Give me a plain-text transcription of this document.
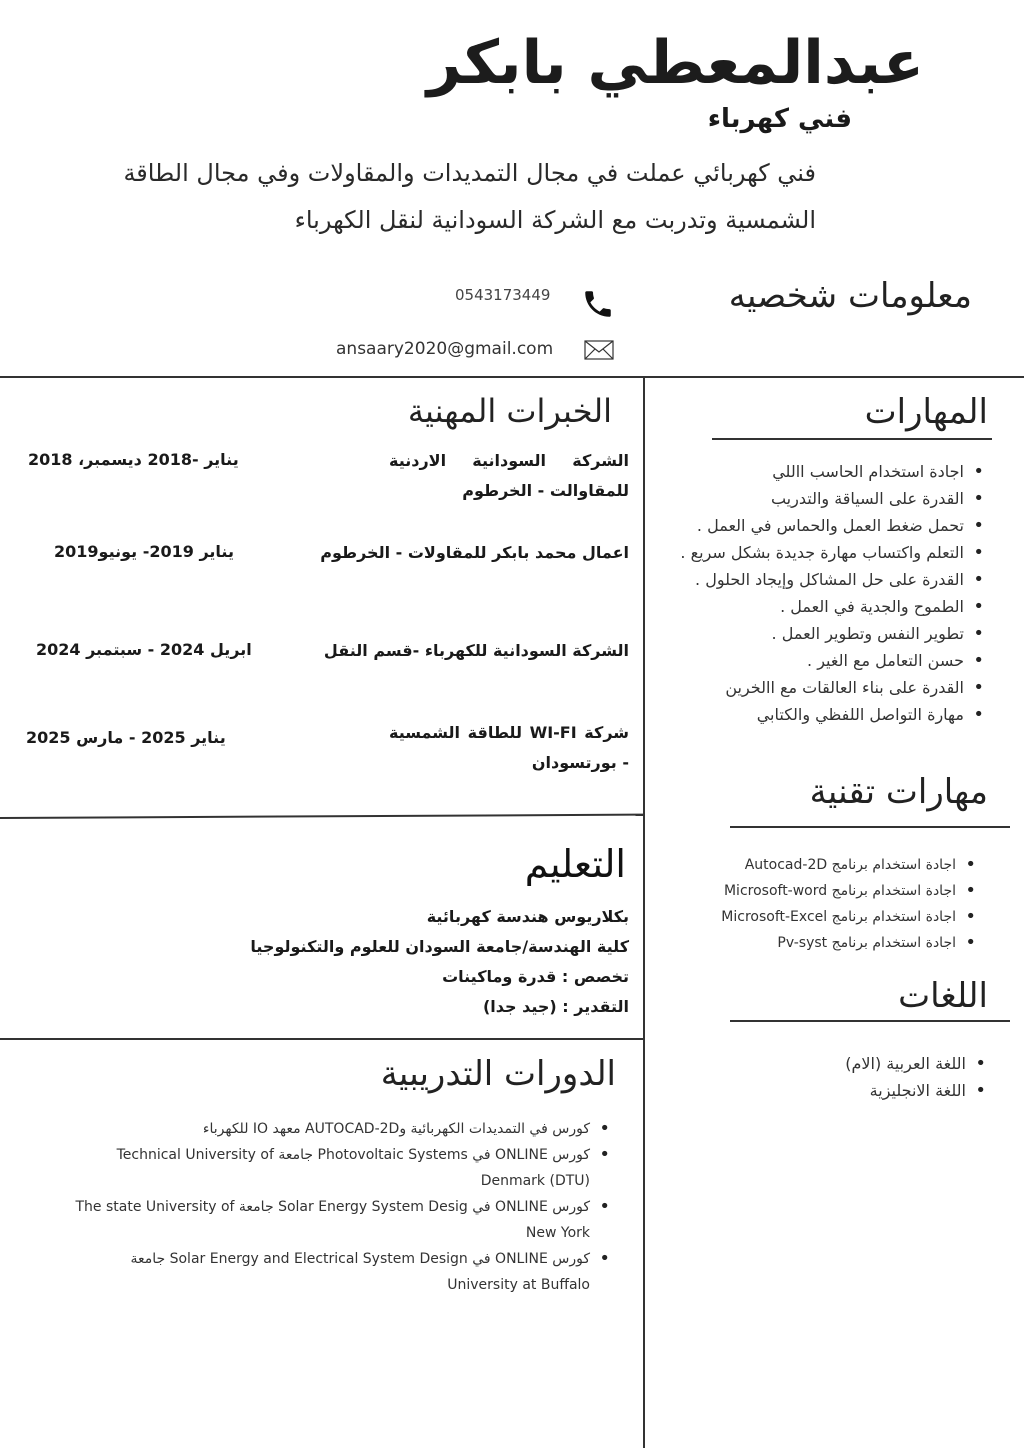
عبدالمعطي بابكر
فني كهرباء
فني كهربائي عملت في مجال التمديدات والمقاولات وفي مجال الطاقة الشمسية وتدربت مع الشركة السودانية لنقل الكهرباء
معلومات شخصيه
0543173449
ansaary2020@gmail.com
المهارات
• اجادة استخدام الحاسب االلي
• القدرة على السياقة والتدريب
• تحمل ضغط العمل والحماس في العمل .
• التعلم واكتساب مهارة جديدة بشكل سريع .
• القدرة على حل المشاكل وإيجاد الحلول .
• الطموح والجدية في العمل .
• تطوير النفس وتطوير العمل .
• حسن التعامل مع الغير .
• القدرة على بناء العالقات مع االخرين
• مهارة التواصل اللفظي والكتابي
مهارات تقنية
• اجادة استخدام برنامج Autocad-2D
• اجادة استخدام برنامج Microsoft-word
• اجادة استخدام برنامج Microsoft-Excel
• اجادة استخدام برنامج Pv-syst
اللغات
• اللغة العربية (الام)
• اللغة الانجليزية
الخبرات المهنية
الشركة السودانية الاردنية للمقاوالت - الخرطوم
يناير -2018 ديسمبر، 2018
اعمال محمد بابكر للمقاولات - الخرطوم
يناير 2019- يونيو2019
الشركة السودانية للكهرباء -قسم النقل
ابريل 2024 - سبتمبر 2024
شركة WI-FI للطاقة الشمسية - بورتسودان
يناير 2025 - مارس 2025
التعليم
بكلاريوس هندسة كهربائية
كلية الهندسة/جامعة السودان للعلوم والتكنولوجيا
تخصص : قدرة وماكينات
التقدير : (جيد جدا)
الدورات التدريبية
• كورس في التمديدات الكهربائية وAUTOCAD-2D معهد IO للكهرباء
• كورس ONLINE في Photovoltaic Systems جامعة Technical University of
Denmark (DTU)
• كورس ONLINE في Solar Energy System Desig جامعة The state University of
New York
• كورس ONLINE في Solar Energy and Electrical System Design جامعة
University at Buffalo
